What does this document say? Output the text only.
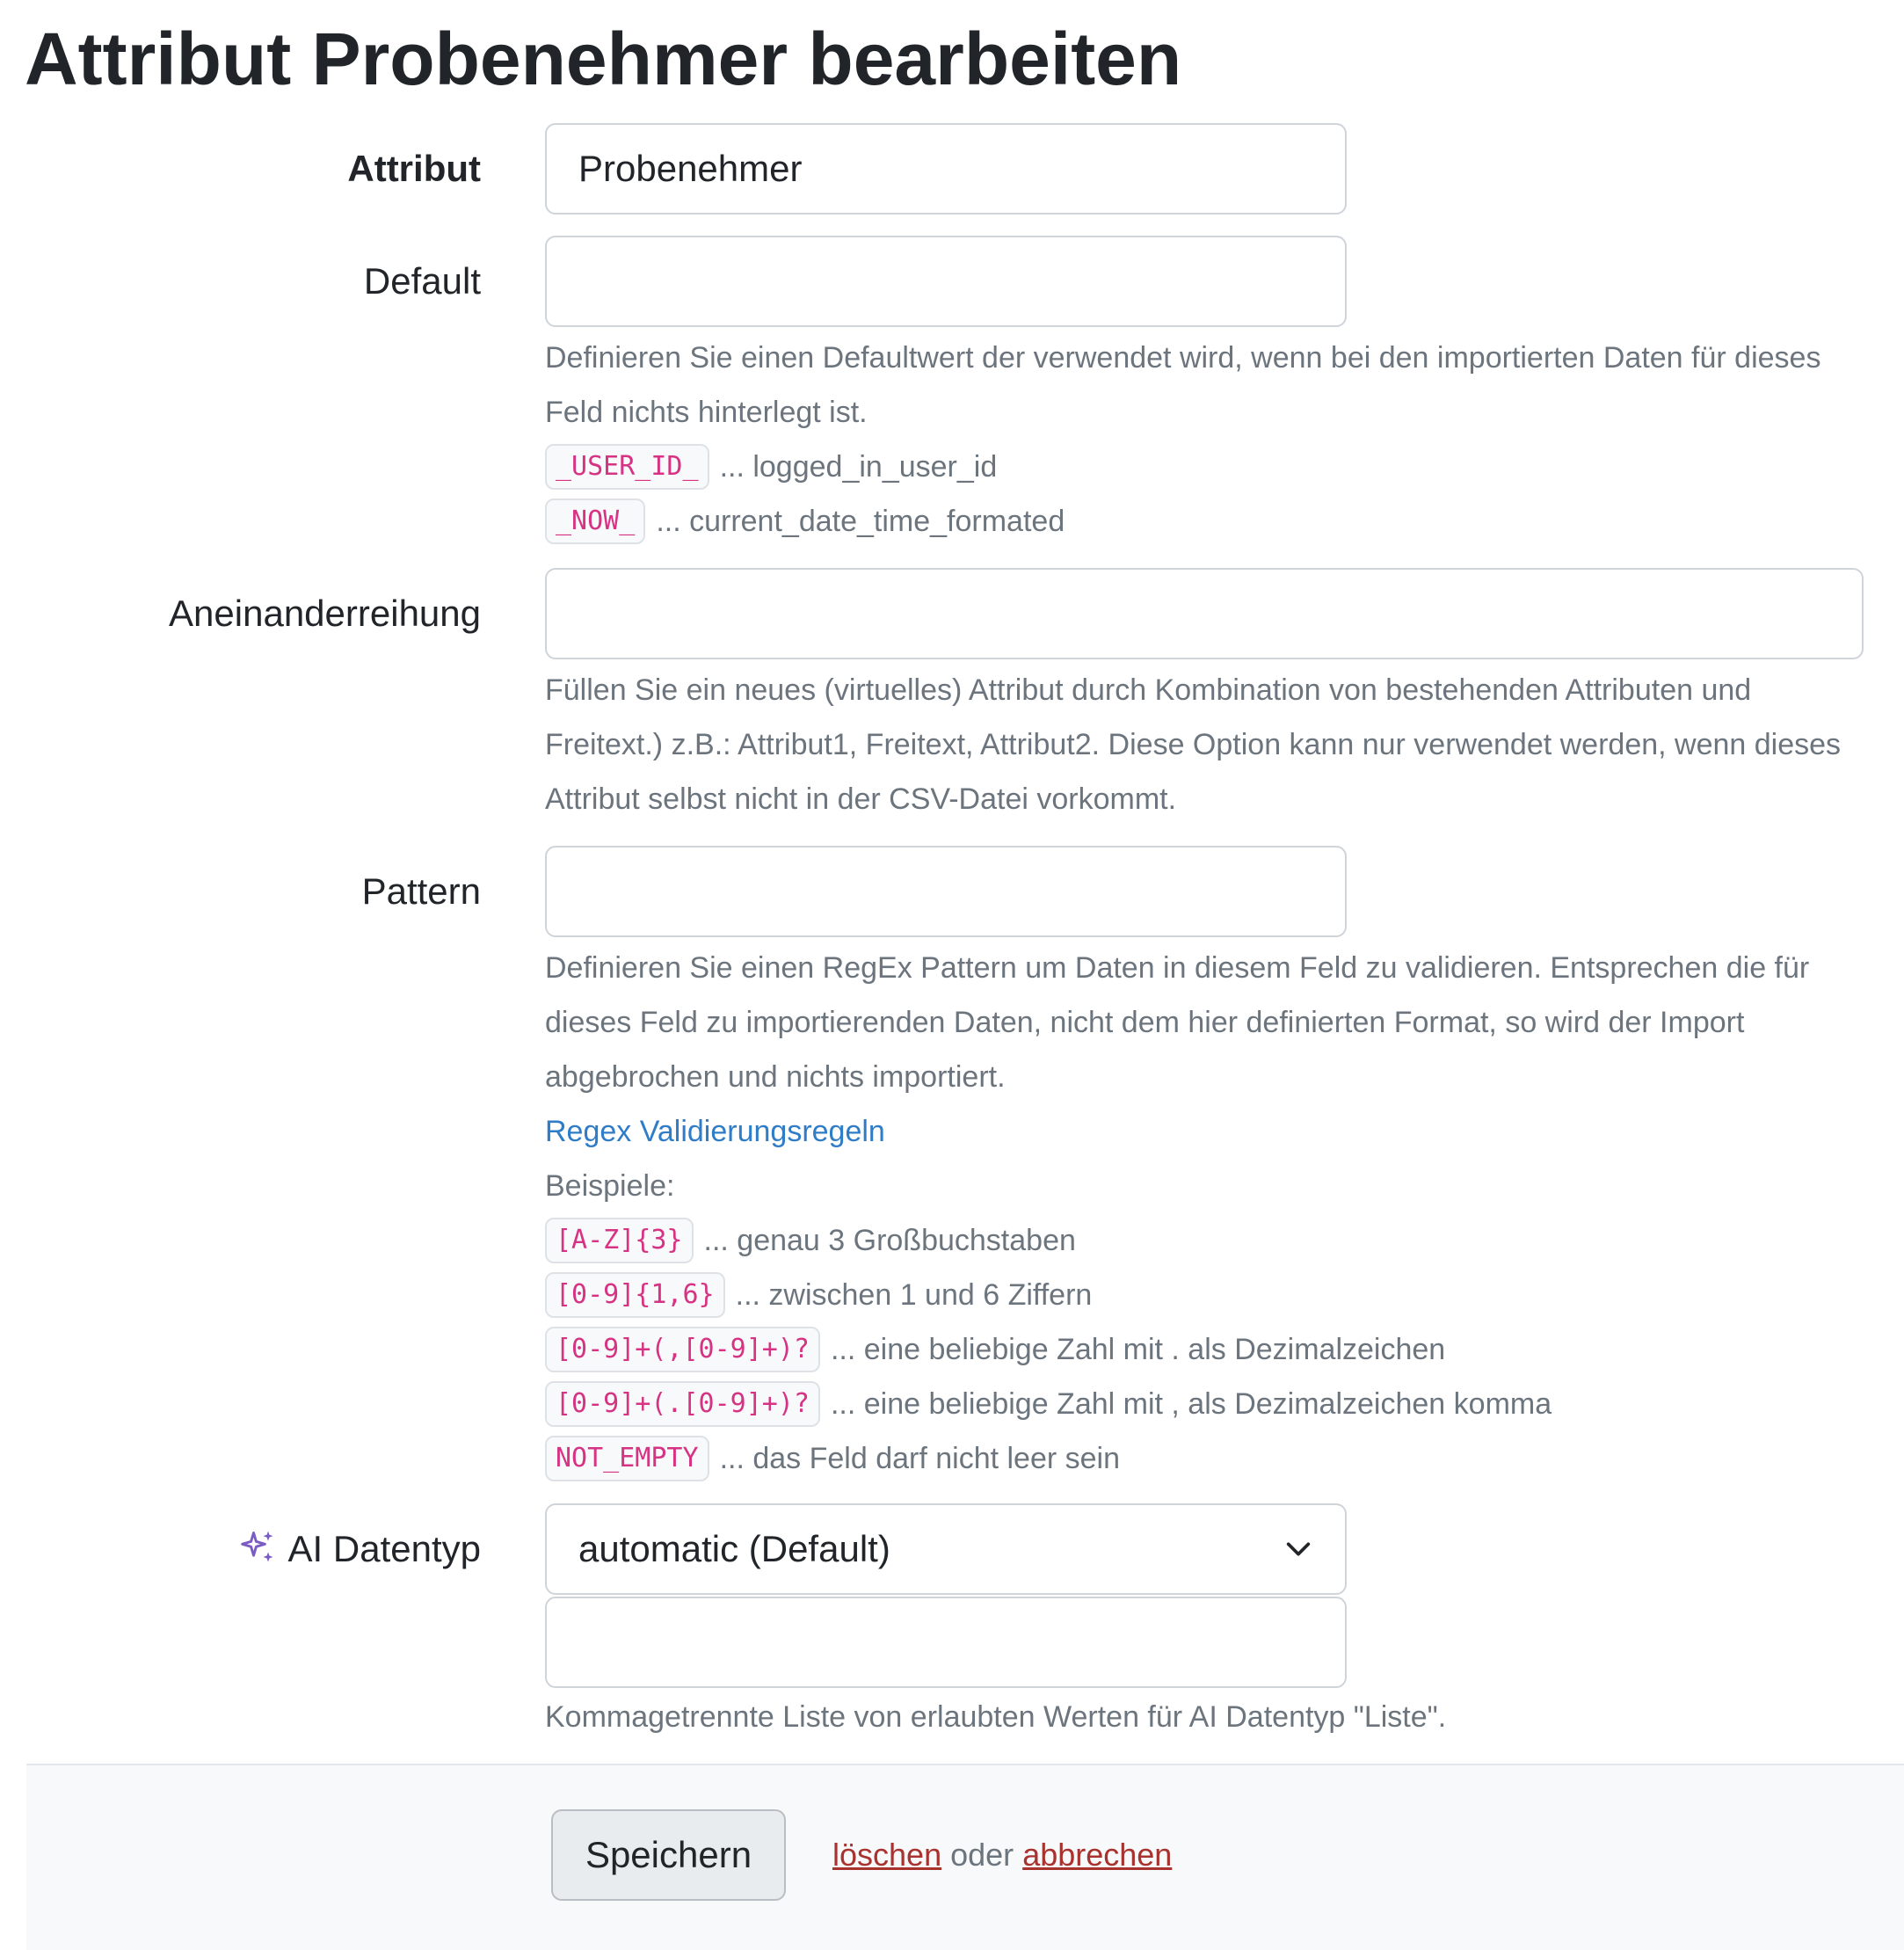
Attribut Probenehmer bearbeiten
Attribut
Probenehmer
Default

Definieren Sie einen Defaultwert der verwendet wird, wenn bei den importierten Daten für dieses Feld nichts hinterlegt ist.

_USER_ID_ ... logged_in_user_id
_NOW_ ... current_date_time_formated
Aneinanderreihung

Füllen Sie ein neues (virtuelles) Attribut durch Kombination von bestehenden Attributen und Freitext.) z.B.: Attribut1, Freitext, Attribut2. Diese Option kann nur verwendet werden, wenn dieses Attribut selbst nicht in der CSV-Datei vorkommt.

Pattern

Definieren Sie einen RegEx Pattern um Daten in diesem Feld zu validieren. Entsprechen die für dieses Feld zu importierenden Daten, nicht dem hier definierten Format, so wird der Import abgebrochen und nichts importiert.

Regex Validierungsregeln
Beispiele:
[A-Z]{3} ... genau 3 Großbuchstaben
[0-9]{1,6} ... zwischen 1 und 6 Ziffern
[0-9]+(,[0-9]+)? ... eine beliebige Zahl mit . als Dezimalzeichen
[0-9]+(.[0-9]+)? ... eine beliebige Zahl mit , als Dezimalzeichen komma
NOT_EMPTY ... das Feld darf nicht leer sein
AI Datentyp	automatic (Default)

Kommagetrennte Liste von erlaubten Werten für AI Datentyp "Liste".

Speichern	löschen oder abbrechen
